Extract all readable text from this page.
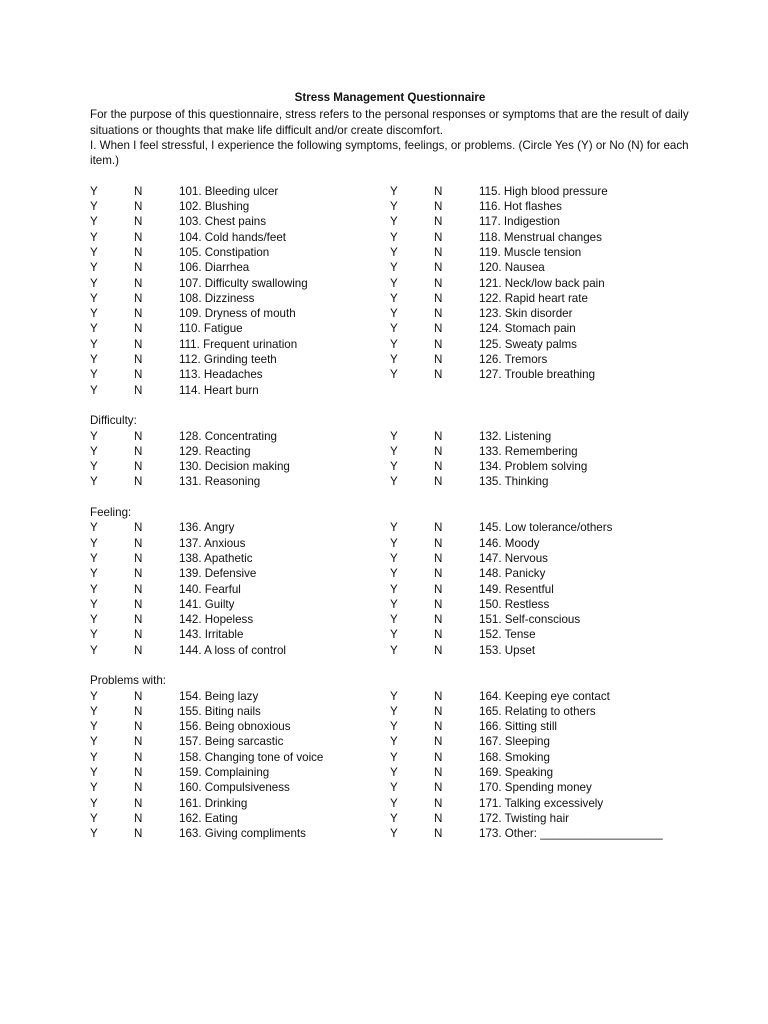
Stress Management Questionnaire

For the purpose of this questionnaire, stress refers to the personal responses or symptoms that are the result of daily situations or thoughts that make life difficult and/or create discomfort.

I. When I feel stressful, I experience the following symptoms, feelings, or problems. (Circle Yes (Y) or No (N) for each item.)

Y	N	101. Bleeding ulcer
Y	N	102. Blushing
Y	N	103. Chest pains
Y	N	104. Cold hands/feet
Y	N	105. Constipation
Y	N	106. Diarrhea
Y	N	107. Difficulty swallowing
Y	N	108. Dizziness
Y	N	109. Dryness of mouth
Y	N	110. Fatigue
Y	N	111. Frequent urination
Y	N	112. Grinding teeth
Y	N	113. Headaches
Y	N	114. Heart burn
Y	N	115. High blood pressure
Y	N	116. Hot flashes
Y	N	117. Indigestion
Y	N	118. Menstrual changes
Y	N	119. Muscle tension
Y	N	120. Nausea
Y	N	121. Neck/low back pain
Y	N	122. Rapid heart rate
Y	N	123. Skin disorder
Y	N	124. Stomach pain
Y	N	125. Sweaty palms
Y	N	126. Tremors
Y	N	127. Trouble breathing
Difficulty:
Y	N	128. Concentrating
Y	N	129. Reacting
Y	N	130. Decision making
Y	N	131. Reasoning
Y	N	132. Listening
Y	N	133. Remembering
Y	N	134. Problem solving
Y	N	135. Thinking
Feeling:
Y	N	136. Angry
Y	N	137. Anxious
Y	N	138. Apathetic
Y	N	139. Defensive
Y	N	140. Fearful
Y	N	141. Guilty
Y	N	142. Hopeless
Y	N	143. Irritable
Y	N	144. A loss of control
Y	N	145. Low tolerance/others
Y	N	146. Moody
Y	N	147. Nervous
Y	N	148. Panicky
Y	N	149. Resentful
Y	N	150. Restless
Y	N	151. Self-conscious
Y	N	152. Tense
Y	N	153. Upset
Problems with:
Y	N	154. Being lazy
Y	N	155. Biting nails
Y	N	156. Being obnoxious
Y	N	157. Being sarcastic
Y	N	158. Changing tone of voice
Y	N	159. Complaining
Y	N	160. Compulsiveness
Y	N	161. Drinking
Y	N	162. Eating
Y	N	163. Giving compliments
Y	N	164. Keeping eye contact
Y	N	165. Relating to others
Y	N	166. Sitting still
Y	N	167. Sleeping
Y	N	168. Smoking
Y	N	169. Speaking
Y	N	170. Spending money
Y	N	171. Talking excessively
Y	N	172. Twisting hair
Y	N	173. Other: ___________________
